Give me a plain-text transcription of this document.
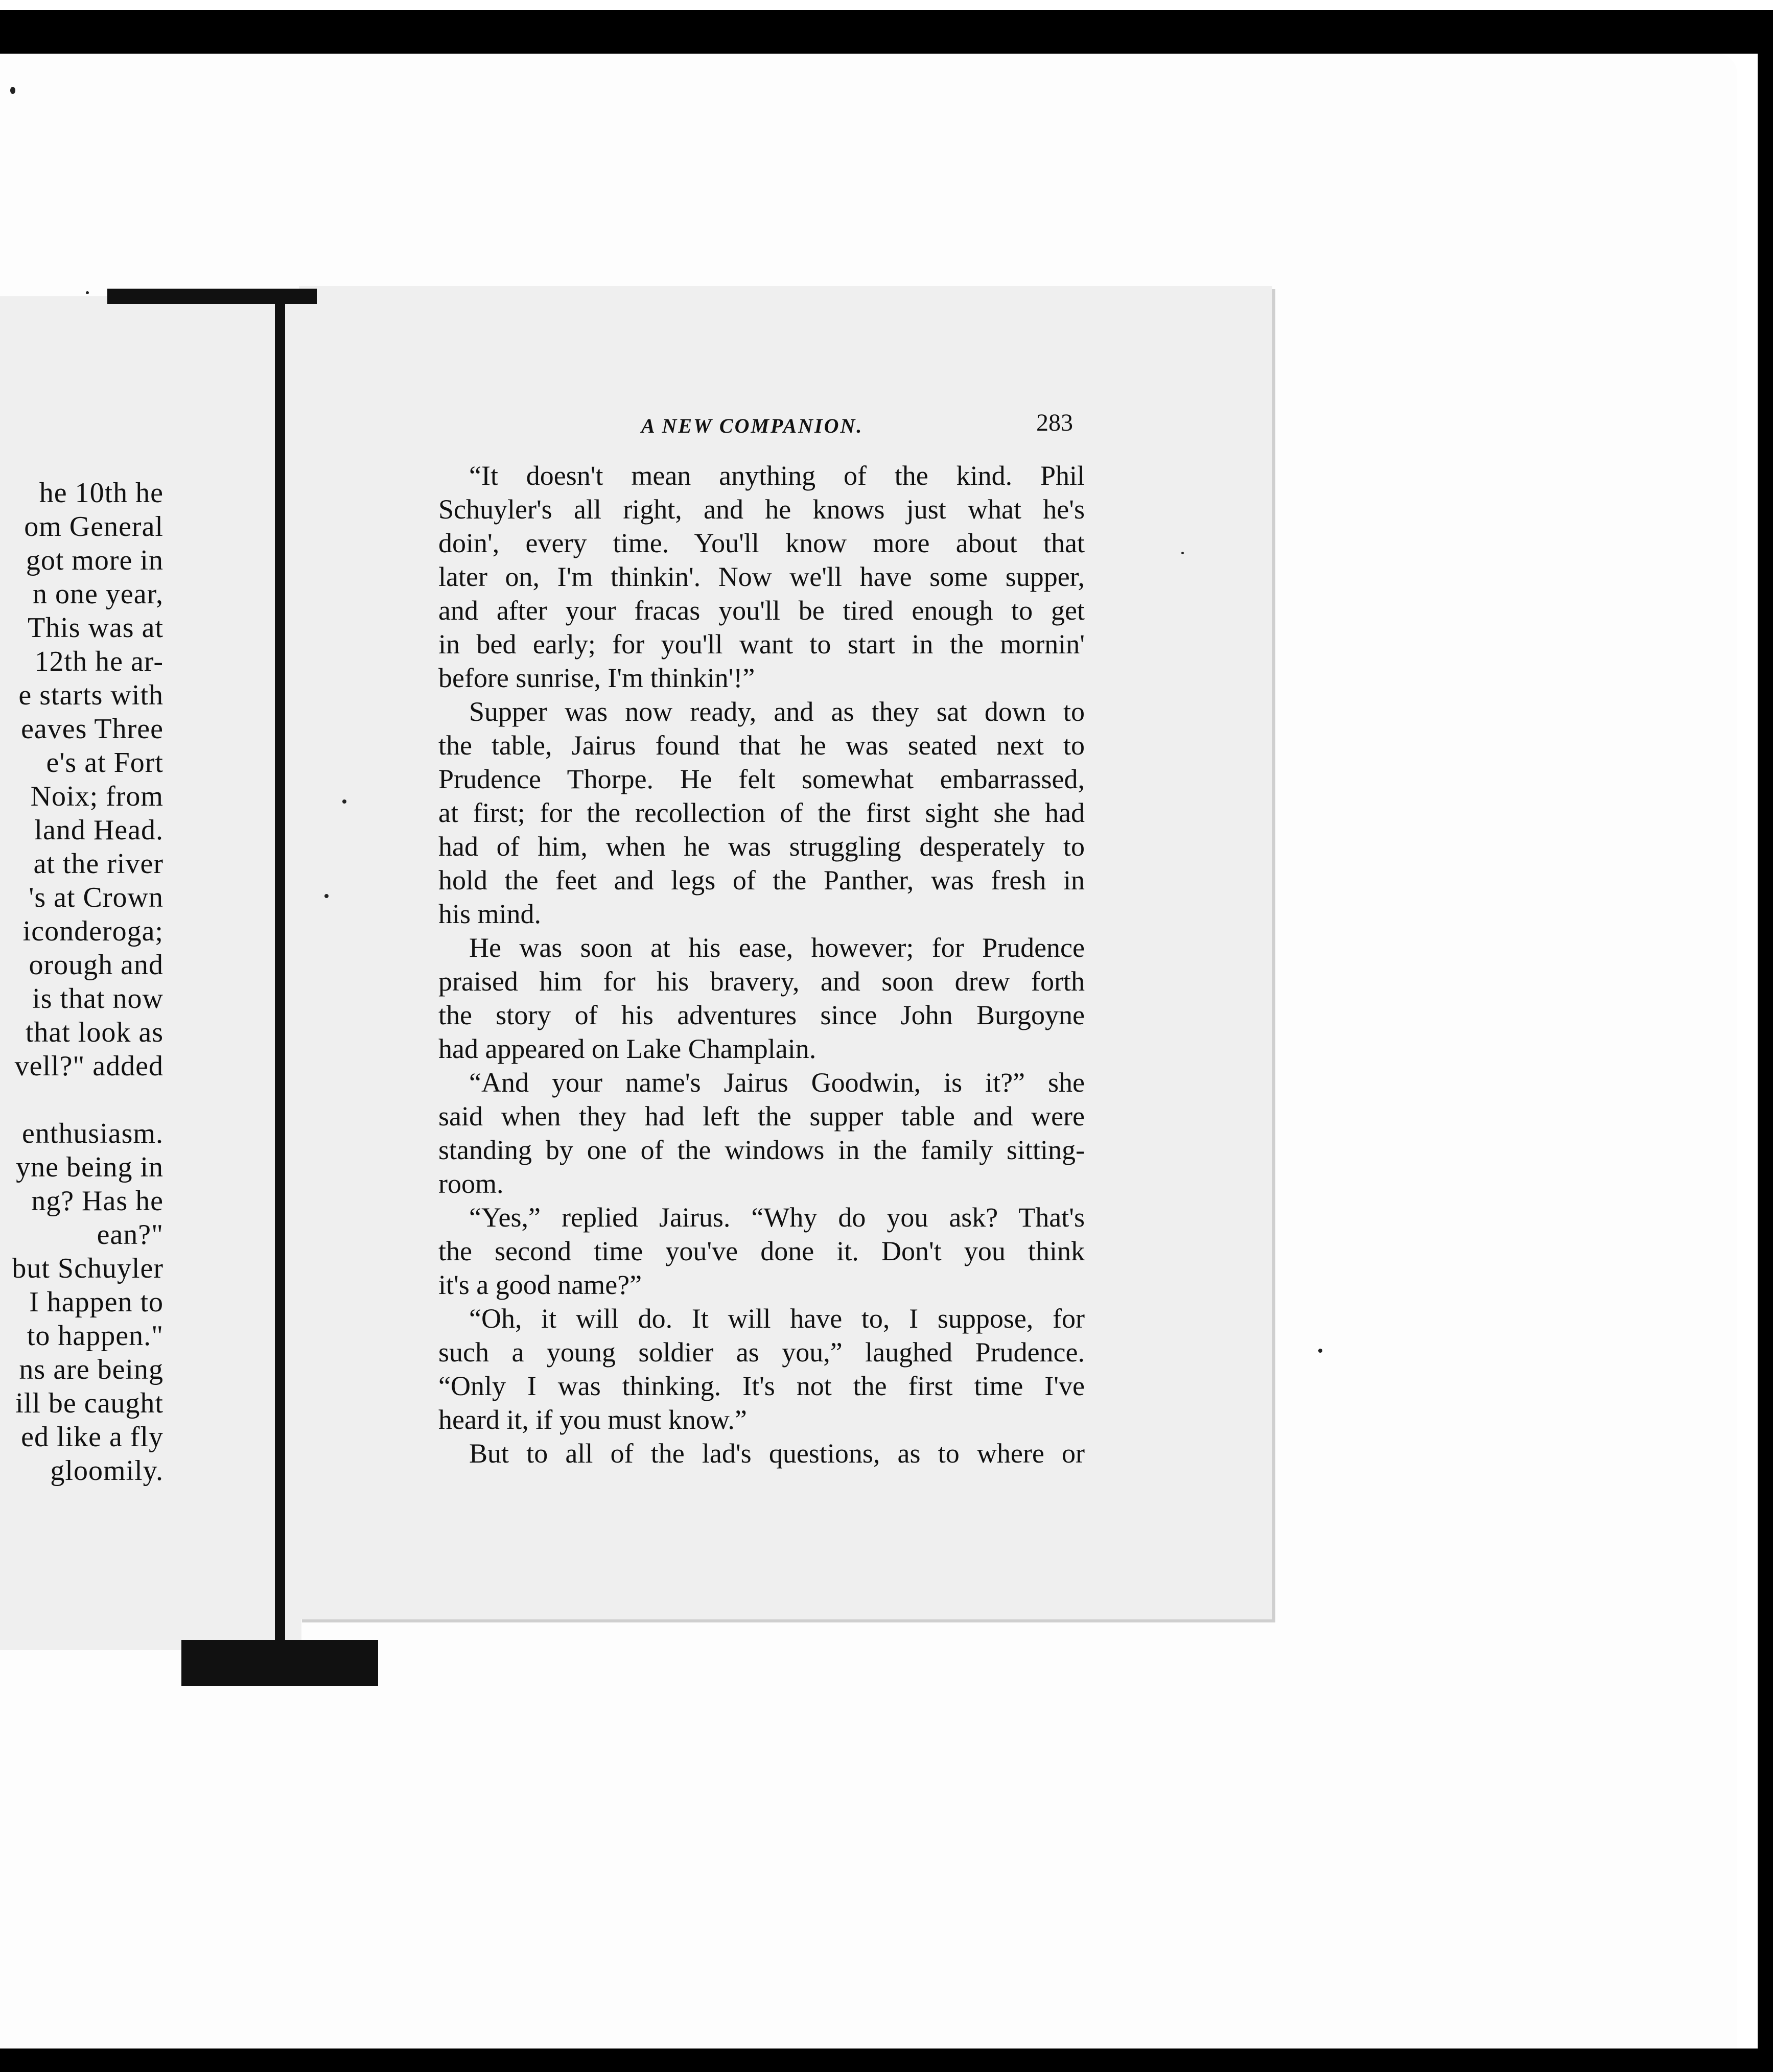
he 10th he
om General
got more in
n one year,
This was at
12th he ar-
e starts with
eaves Three
e's at Fort
Noix; from
land Head.
at the river
's at Crown
iconderoga;
orough and
is that now
that look as
vell?" added
enthusiasm.
yne being in
ng? Has he
ean?"
but Schuyler
I happen to
to happen."
ns are being
ill be caught
ed like a fly
gloomily.
A NEW COMPANION.	283
“It doesn't mean anything of the kind. Phil
Schuyler's all right, and he knows just what he's
doin', every time. You'll know more about that
later on, I'm thinkin'. Now we'll have some supper,
and after your fracas you'll be tired enough to get
in bed early; for you'll want to start in the mornin'
before sunrise, I'm thinkin'!”
Supper was now ready, and as they sat down to
the table, Jairus found that he was seated next to
Prudence Thorpe. He felt somewhat embarrassed,
at first; for the recollection of the first sight she had
had of him, when he was struggling desperately to
hold the feet and legs of the Panther, was fresh in
his mind.
He was soon at his ease, however; for Prudence
praised him for his bravery, and soon drew forth
the story of his adventures since John Burgoyne
had appeared on Lake Champlain.
“And your name's Jairus Goodwin, is it?” she
said when they had left the supper table and were
standing by one of the windows in the family sitting-
room.
“Yes,” replied Jairus. “Why do you ask? That's
the second time you've done it. Don't you think
it's a good name?”
“Oh, it will do. It will have to, I suppose, for
such a young soldier as you,” laughed Prudence.
“Only I was thinking. It's not the first time I've
heard it, if you must know.”
But to all of the lad's questions, as to where or
